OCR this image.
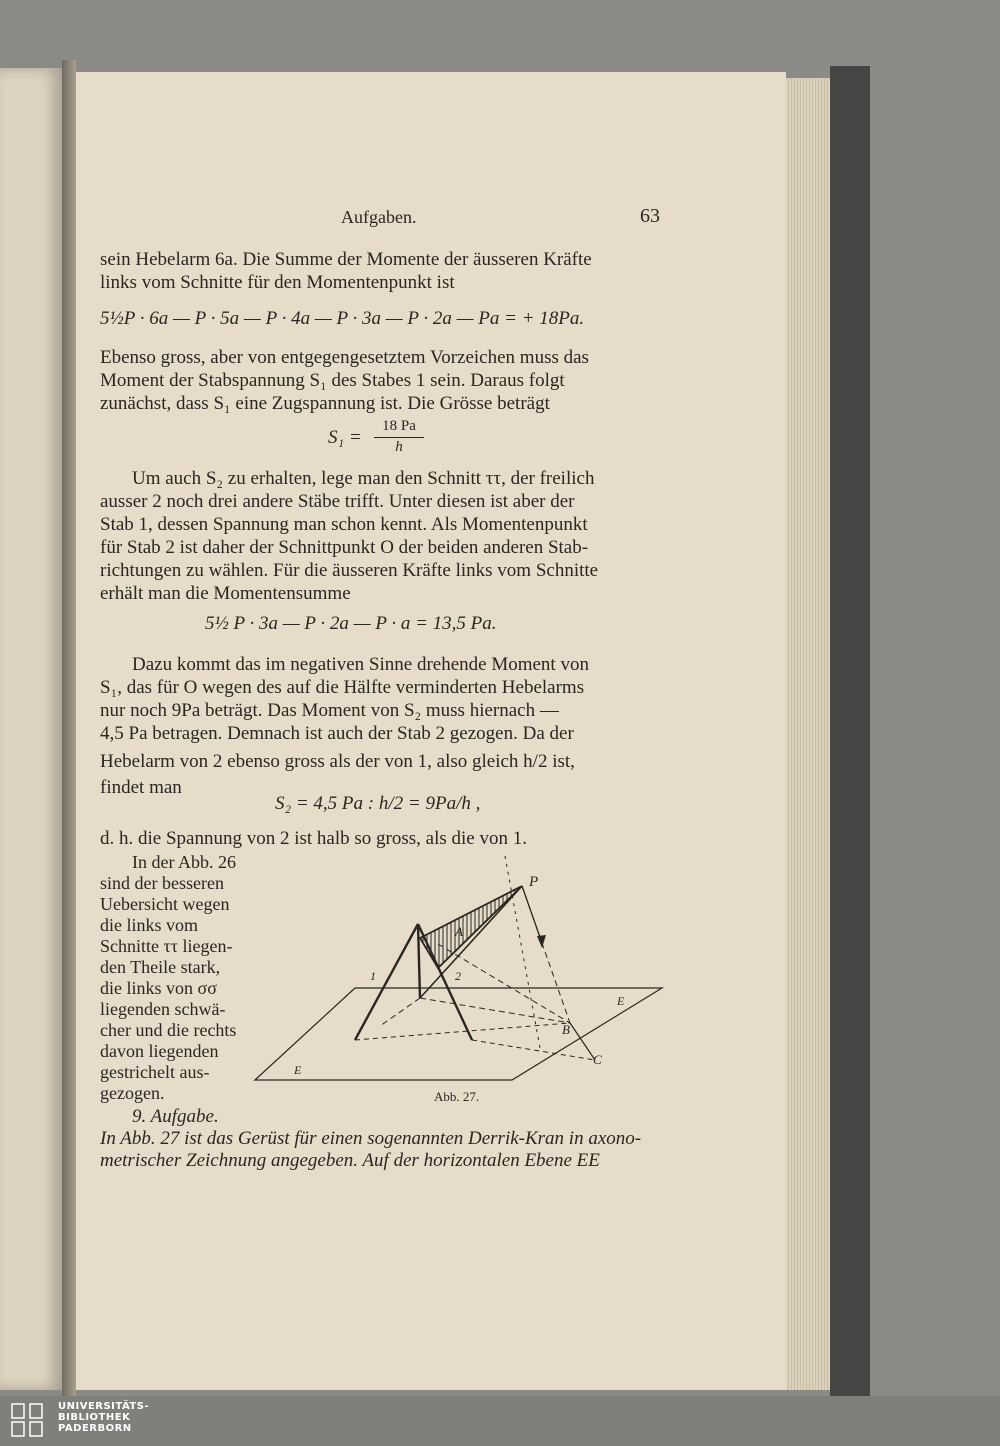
Aufgaben.	63
sein Hebelarm 6a. Die Summe der Momente der äusseren Kräfte
links vom Schnitte für den Momentenpunkt ist
5½P · 6a — P · 5a — P · 4a — P · 3a — P · 2a — Pa = + 18Pa.
Ebenso gross, aber von entgegengesetztem Vorzeichen muss das
Moment der Stabspannung S₁ des Stabes 1 sein. Daraus folgt
zunächst, dass S₁ eine Zugspannung ist. Die Grösse beträgt
S₁ =
18 Pa
h
Um auch S₂ zu erhalten, lege man den Schnitt ττ, der freilich
ausser 2 noch drei andere Stäbe trifft. Unter diesen ist aber der
Stab 1, dessen Spannung man schon kennt. Als Momentenpunkt
für Stab 2 ist daher der Schnittpunkt O der beiden anderen Stab-
richtungen zu wählen. Für die äusseren Kräfte links vom Schnitte
erhält man die Momentensumme
5½ P · 3a — P · 2a — P · a = 13,5 Pa.
Dazu kommt das im negativen Sinne drehende Moment von
S₁, das für O wegen des auf die Hälfte verminderten Hebelarms
nur noch 9Pa beträgt. Das Moment von S₂ muss hiernach —
4,5 Pa betragen. Demnach ist auch der Stab 2 gezogen. Da der
Hebelarm von 2 ebenso gross als der von 1, also gleich h/2 ist,
findet man
S₂ = 4,5 Pa : h/2 = 9Pa/h ,
d. h. die Spannung von 2 ist halb so gross, als die von 1.
In der Abb. 26
sind der besseren
Uebersicht wegen
die links vom
Schnitte ττ liegen-
den Theile stark,
die links von σσ
liegenden schwä-
cher und die rechts
davon liegenden
gestrichelt aus-
gezogen.
P
A
1	2
B
C
E
E
Abb. 27.
9. Aufgabe.
In Abb. 27 ist das Gerüst für einen sogenannten Derrik-Kran in axono-
metrischer Zeichnung angegeben. Auf der horizontalen Ebene EE
UNIVERSITÄTS-
BIBLIOTHEK
PADERBORN
